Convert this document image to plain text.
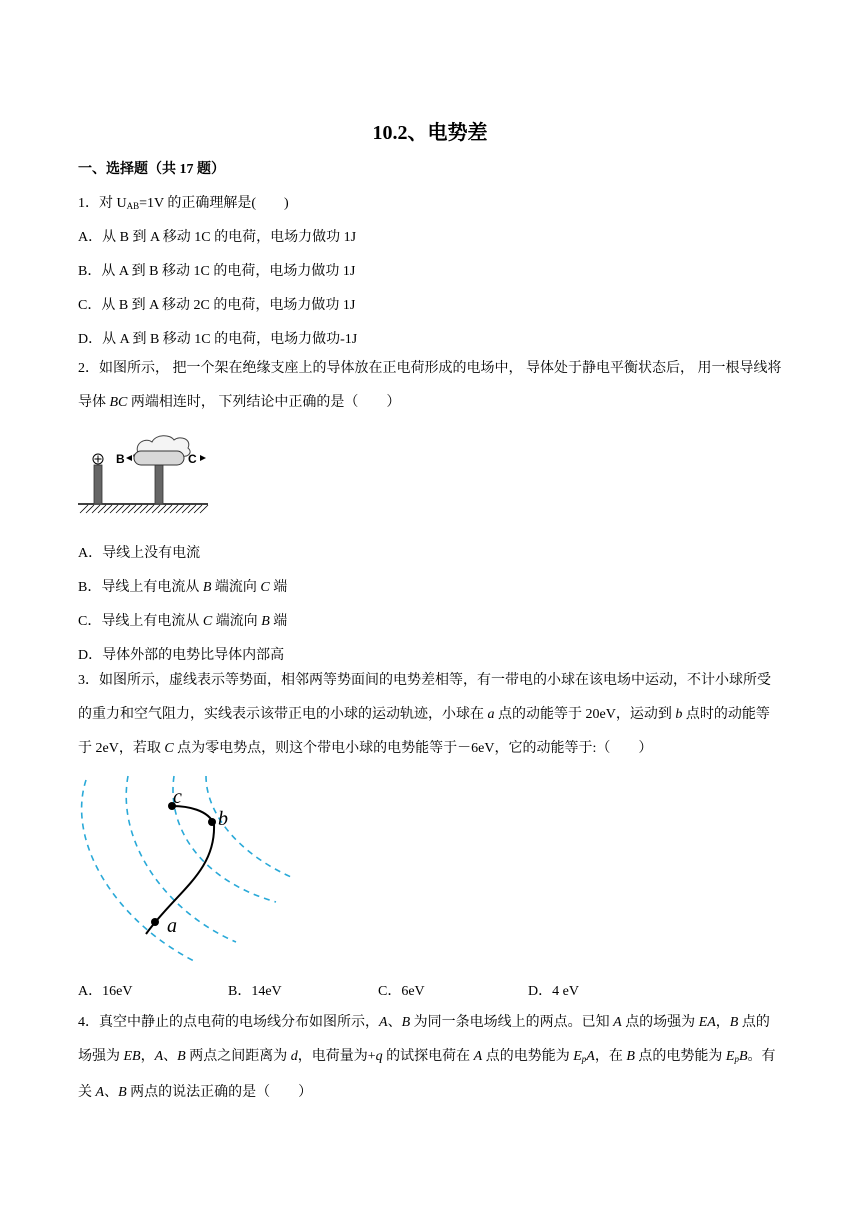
10.2、电势差
一、选择题（共 17 题）
1．对 $U_{AB}=1V$ 的正确理解是(　　)
A．从 B 到 A 移动 1C 的电荷，电场力做功 1J
B．从 A 到 B 移动 1C 的电荷，电场力做功 1J
C．从 B 到 A 移动 2C 的电荷，电场力做功 1J
D．从 A 到 B 移动 1C 的电荷，电场力做功-1J
2．如图所示， 把一个架在绝缘支座上的导体放在正电荷形成的电场中， 导体处于静电平衡状态后， 用一根导线将导体 BC 两端相连时， 下列结论中正确的是（　　）
B	C
A．导线上没有电流
B．导线上有电流从 B 端流向 C 端
C．导线上有电流从 C 端流向 B 端
D．导体外部的电势比导体内部高
3．如图所示，虚线表示等势面，相邻两等势面间的电势差相等，有一带电的小球在该电场中运动，不计小球所受的重力和空气阻力，实线表示该带正电的小球的运动轨迹，小球在 a 点的动能等于 20eV，运动到 b 点时的动能等于 2eV，若取 C 点为零电势点，则这个带电小球的电势能等于－6eV，它的动能等于:（　　）
a
b
c
A．16eV	B．14eV	C．6eV	D．4 eV
4．真空中静止的点电荷的电场线分布如图所示，A、B 为同一条电场线上的两点。已知 A 点的场强为 EA，B 点的场强为 EB，A、B 两点之间距离为 d，电荷量为+q 的试探电荷在 A 点的电势能为 $E_pA$，在 B 点的电势能为 $E_pB$。有关 A、B 两点的说法正确的是（　　）
